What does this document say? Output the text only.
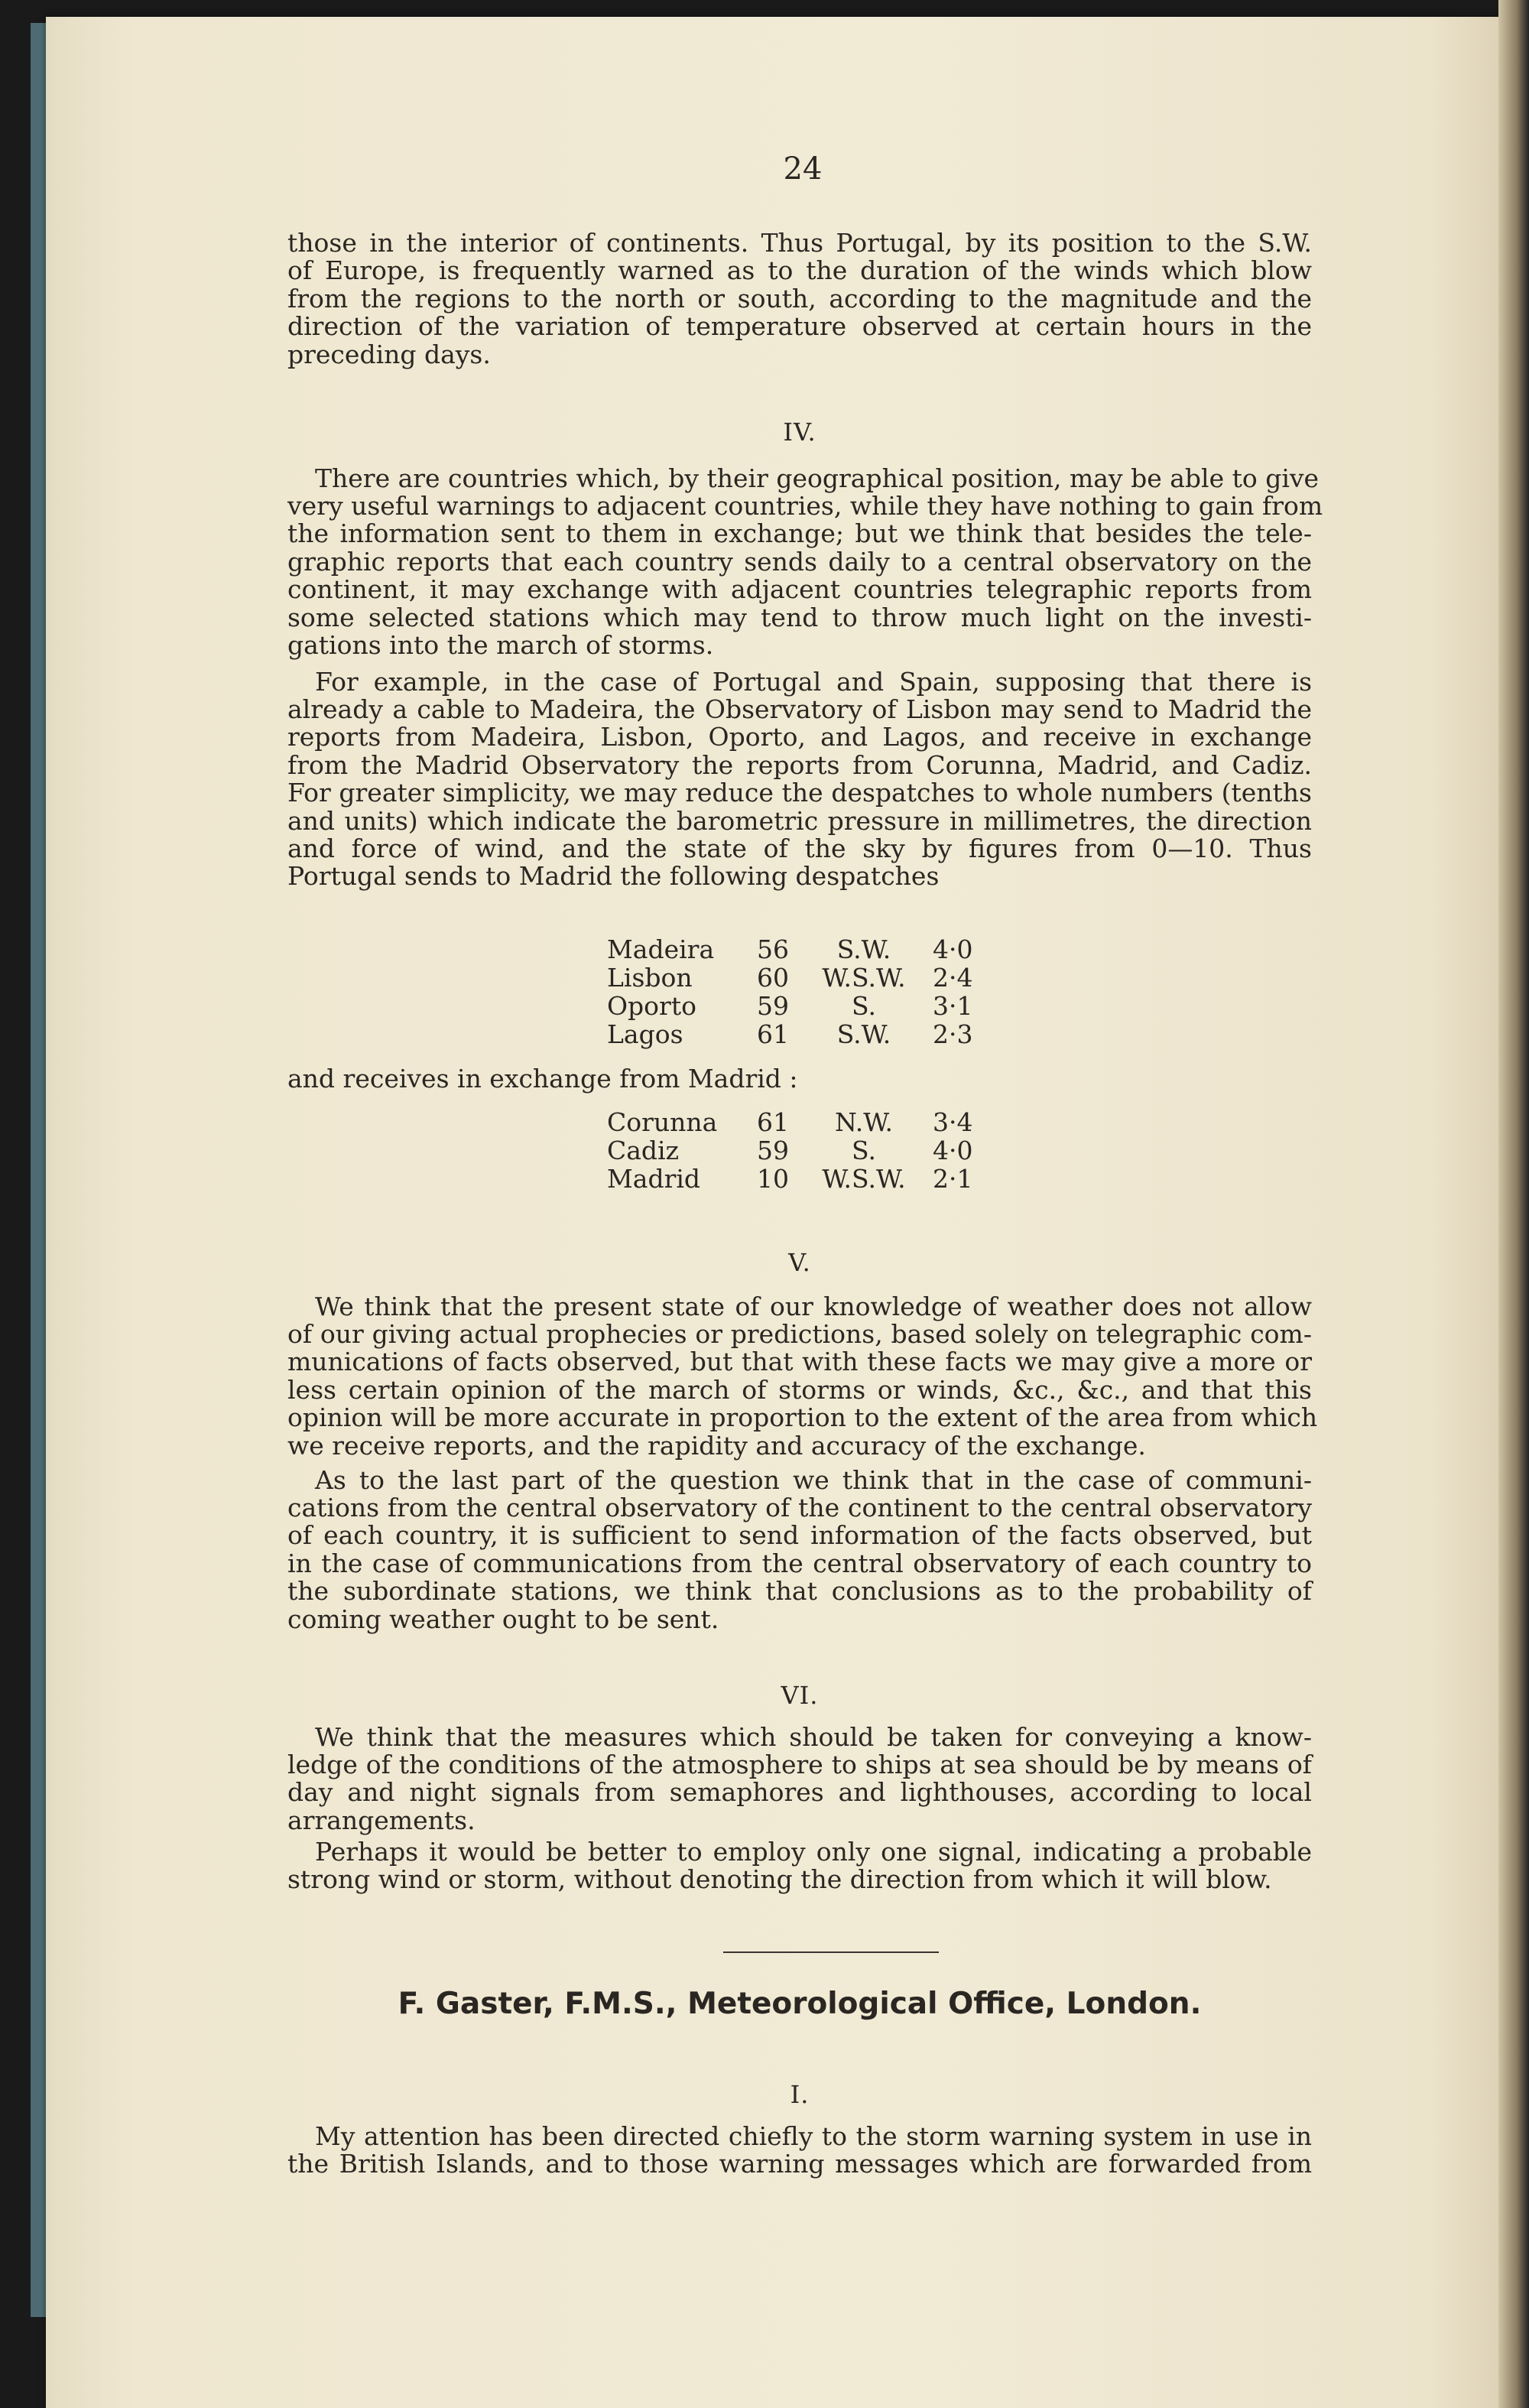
24
those in the interior of continents. Thus Portugal, by its position to the S.W.
of Europe, is frequently warned as to the duration of the winds which blow
from the regions to the north or south, according to the magnitude and the
direction of the variation of temperature observed at certain hours in the
preceding days.
IV.
There are countries which, by their geographical position, may be able to give
very useful warnings to adjacent countries, while they have nothing to gain from
the information sent to them in exchange; but we think that besides the tele-
graphic reports that each country sends daily to a central observatory on the
continent, it may exchange with adjacent countries telegraphic reports from
some selected stations which may tend to throw much light on the investi-
gations into the march of storms.
For example, in the case of Portugal and Spain, supposing that there is
already a cable to Madeira, the Observatory of Lisbon may send to Madrid the
reports from Madeira, Lisbon, Oporto, and Lagos, and receive in exchange
from the Madrid Observatory the reports from Corunna, Madrid, and Cadiz.
For greater simplicity, we may reduce the despatches to whole numbers (tenths
and units) which indicate the barometric pressure in millimetres, the direction
and force of wind, and the state of the sky by figures from 0—10. Thus
Portugal sends to Madrid the following despatches
Madeira	56	S.W.	4·0
Lisbon	60	W.S.W.	2·4
Oporto	59	S.	3·1
Lagos	61	S.W.	2·3
and receives in exchange from Madrid :
Corunna	61	N.W.	3·4
Cadiz	59	S.	4·0
Madrid	10	W.S.W.	2·1
V.
We think that the present state of our knowledge of weather does not allow
of our giving actual prophecies or predictions, based solely on telegraphic com-
munications of facts observed, but that with these facts we may give a more or
less certain opinion of the march of storms or winds, &c., &c., and that this
opinion will be more accurate in proportion to the extent of the area from which
we receive reports, and the rapidity and accuracy of the exchange.
As to the last part of the question we think that in the case of communi-
cations from the central observatory of the continent to the central observatory
of each country, it is sufficient to send information of the facts observed, but
in the case of communications from the central observatory of each country to
the subordinate stations, we think that conclusions as to the probability of
coming weather ought to be sent.
VI.
We think that the measures which should be taken for conveying a know-
ledge of the conditions of the atmosphere to ships at sea should be by means of
day and night signals from semaphores and lighthouses, according to local
arrangements.
Perhaps it would be better to employ only one signal, indicating a probable
strong wind or storm, without denoting the direction from which it will blow.
F. Gaster, F.M.S., Meteorological Office, London.
I.
My attention has been directed chiefly to the storm warning system in use in
the British Islands, and to those warning messages which are forwarded from
